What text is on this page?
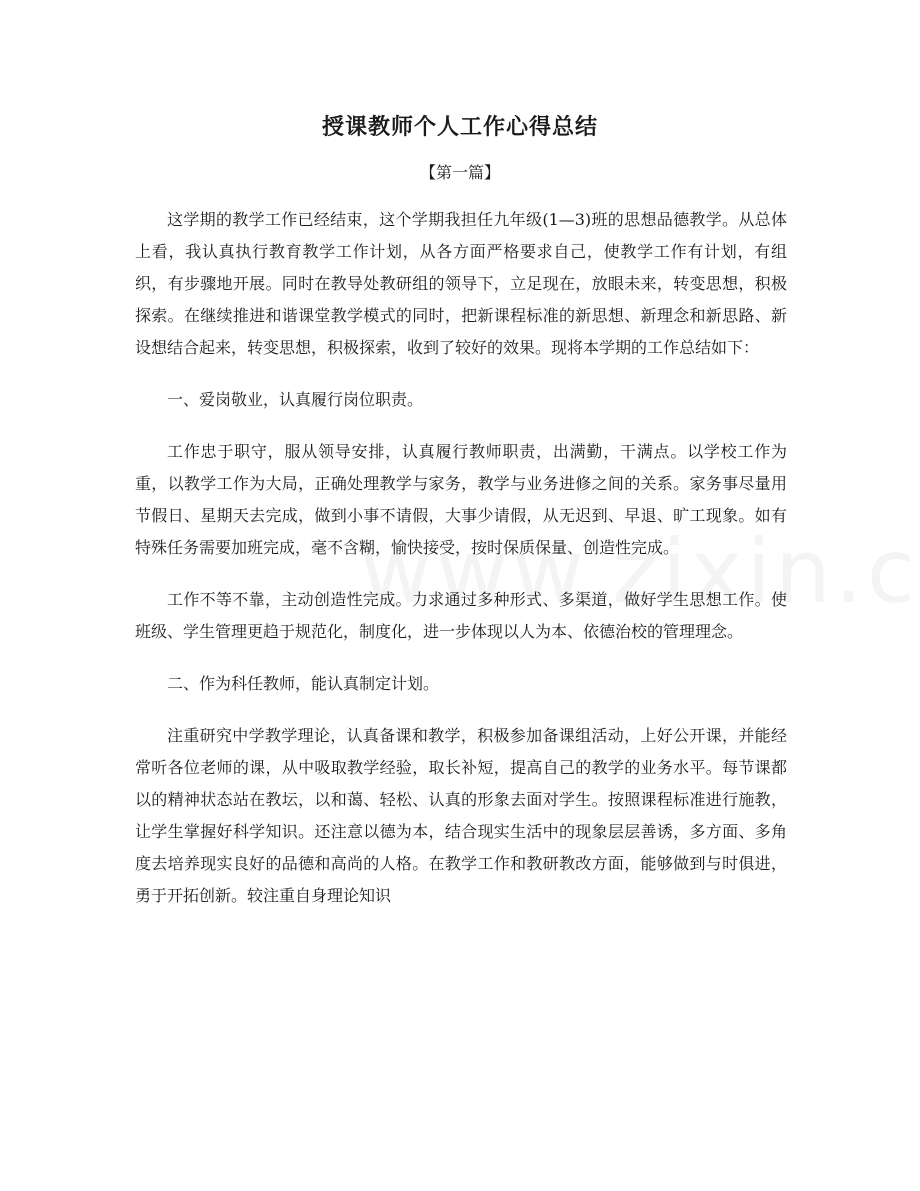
授课教师个人工作心得总结
【第一篇】

这学期的教学工作已经结束，这个学期我担任九年级(1—3)班的思想品德教学。从总体上看，我认真执行教育教学工作计划，从各方面严格要求自己，使教学工作有计划，有组织，有步骤地开展。同时在教导处教研组的领导下，立足现在，放眼未来，转变思想，积极探索。在继续推进和谐课堂教学模式的同时，把新课程标准的新思想、新理念和新思路、新设想结合起来，转变思想，积极探索，收到了较好的效果。现将本学期的工作总结如下：

一、爱岗敬业，认真履行岗位职责。

工作忠于职守，服从领导安排，认真履行教师职责，出满勤，干满点。以学校工作为重，以教学工作为大局，正确处理教学与家务，教学与业务进修之间的关系。家务事尽量用节假日、星期天去完成，做到小事不请假，大事少请假，从无迟到、早退、旷工现象。如有特殊任务需要加班完成，毫不含糊，愉快接受，按时保质保量、创造性完成。

工作不等不靠，主动创造性完成。力求通过多种形式、多渠道，做好学生思想工作。使班级、学生管理更趋于规范化，制度化，进一步体现以人为本、依德治校的管理理念。

二、作为科任教师，能认真制定计划。

注重研究中学教学理论，认真备课和教学，积极参加备课组活动，上好公开课，并能经常听各位老师的课，从中吸取教学经验，取长补短，提高自己的教学的业务水平。每节课都以的精神状态站在教坛，以和蔼、轻松、认真的形象去面对学生。按照课程标准进行施教，让学生掌握好科学知识。还注意以德为本，结合现实生活中的现象层层善诱，多方面、多角度去培养现实良好的品德和高尚的人格。在教学工作和教研教改方面，能够做到与时俱进，勇于开拓创新。较注重自身理论知识
